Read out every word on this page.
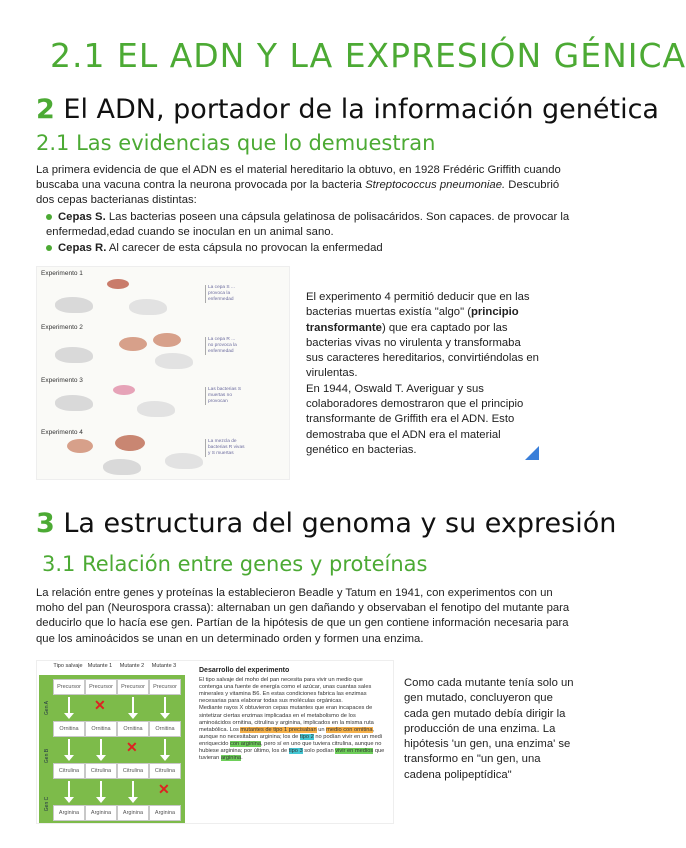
2.1 EL ADN Y LA EXPRESIÓN GÉNICA
2 El ADN, portador de la información genética
2.1 Las evidencias que lo demuestran

La primera evidencia de que el ADN es el material hereditario la obtuvo, en 1928 Frédéric Griffith cuando buscaba una vacuna contra la neurona provocada por la bacteria Streptococcus pneumoniae. Descubrió dos cepas bacterianas distintas:

Cepas S. Las bacterias poseen una cápsula gelatinosa de polisacáridos. Son capaces. de provocar la enfermedad,edad cuando se inoculan en un animal sano.
Cepas R. Al carecer de esta cápsula no provocan la enfermedad
Experimento 1
La cepa S ...
provoca la
enfermedad
Experimento 2
La cepa R ...
no provoca la
enfermedad
Experimento 3
Las bacterias S
muertas no
provocan
Experimento 4
La mezcla de
bacterias R vivas
y S muertas
El experimento 4 permitió deducir que en las bacterias muertas existía "algo" (principio transformante) que era captado por las bacterias vivas no virulenta y transformaba sus caracteres hereditarios, convirtiéndolas en virulentas.
En 1944, Oswald T. Averiguar y sus colaboradores demostraron que el principio transformante de Griffith era el ADN. Esto demostraba que el ADN era el material genético en bacterias.
3 La estructura del genoma y su expresión
3.1 Relación entre genes y proteínas

La relación entre genes y proteínas la establecieron Beadle y Tatum en 1941, con experimentos con un moho del pan (Neurospora crassa): alternaban un gen dañando y observaban el fenotipo del mutante para deducirlo que lo hacía ese gen. Partían de la hipótesis de que un gen contiene información necesaria para que los aminoácidos se unan en un determinado orden y formen una enzima.

Tipo salvaje Mutante 1	Mutante 2	Mutante 3
Gen A
Gen B
Gen C
Precursor
Ornitina
Citrulina
Arginina
Precursor
✕
Ornitina
Citrulina
Arginina
Precursor
Ornitina
✕
Citrulina
Arginina
Precursor
Ornitina
Citrulina
✕
Arginina
Desarrollo del experimento
El tipo salvaje del moho del pan necesita para vivir un medio que contenga una fuente de energía como el azúcar, unas cuantas sales minerales y vitamina B6. En estas condiciones fabrica las enzimas necesarias para elaborar todas sus moléculas orgánicas.
Mediante rayos X obtuvieron cepas mutantes que eran incapaces de sintetizar ciertas enzimas implicadas en el metabolismo de los aminoácidos ornitina, citrulina y arginina, implicados en la misma ruta metabólica. Los mutantes de tipo 1 precisaban un medio con ornitina, aunque no necesitaban arginina; los de tipo 2 no podían vivir en un medi enriquecido con arginina, pero sí en uno que tuviera citrulina, aunque no hubiese arginina; por último, los de tipo 3 solo podían vivir en medios que tuvieran arginina.
Como cada mutante tenía solo un gen mutado, concluyeron que cada gen mutado debía dirigir la producción de una enzima. La hipótesis 'un gen, una enzima' se transformo en "un gen, una cadena polipeptídica"
